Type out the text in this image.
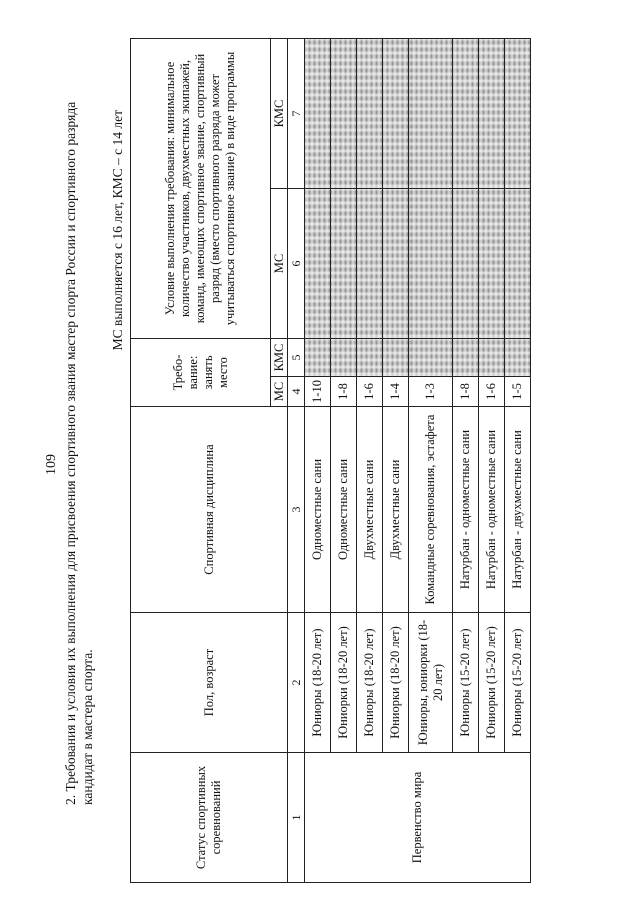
109 2. Требования и условия их выполнения для присвоения спортивного звания мастер спорта России и спортивного разряда кандидат в мастера спорта.
МС выполняется с 16 лет, КМС – с 14 лет
Статус спортивных соревнований	Пол, возраст	Спортивная дисциплина	Требо- вание: занять место		Условие выполнения требования: минимальное количество участников, двухместных экипажей, команд, имеющих спортивное звание, спортивный разряд (вместо спортивного разряда может учитываться спортивное звание) в виде программы	
			МС	КМС	МС	КМС
1	2	3	4	5	6	7
Первенство мира	Юниоры (18-20 лет)	Одноместные сани	1-10			
	Юниорки (18-20 лет)	Одноместные сани	1-8			
	Юниоры (18-20 лет)	Двухместные сани	1-6			
	Юниорки (18-20 лет)	Двухместные сани	1-4			
	Юниоры, юниорки (18-20 лет)	Командные соревнования, эстафета	1-3			
	Юниоры (15-20 лет)	Натурбан - одноместные сани	1-8			
	Юниорки (15-20 лет)	Натурбан - одноместные сани	1-6			
	Юниоры (15-20 лет)	Натурбан - двухместные сани	1-5			
